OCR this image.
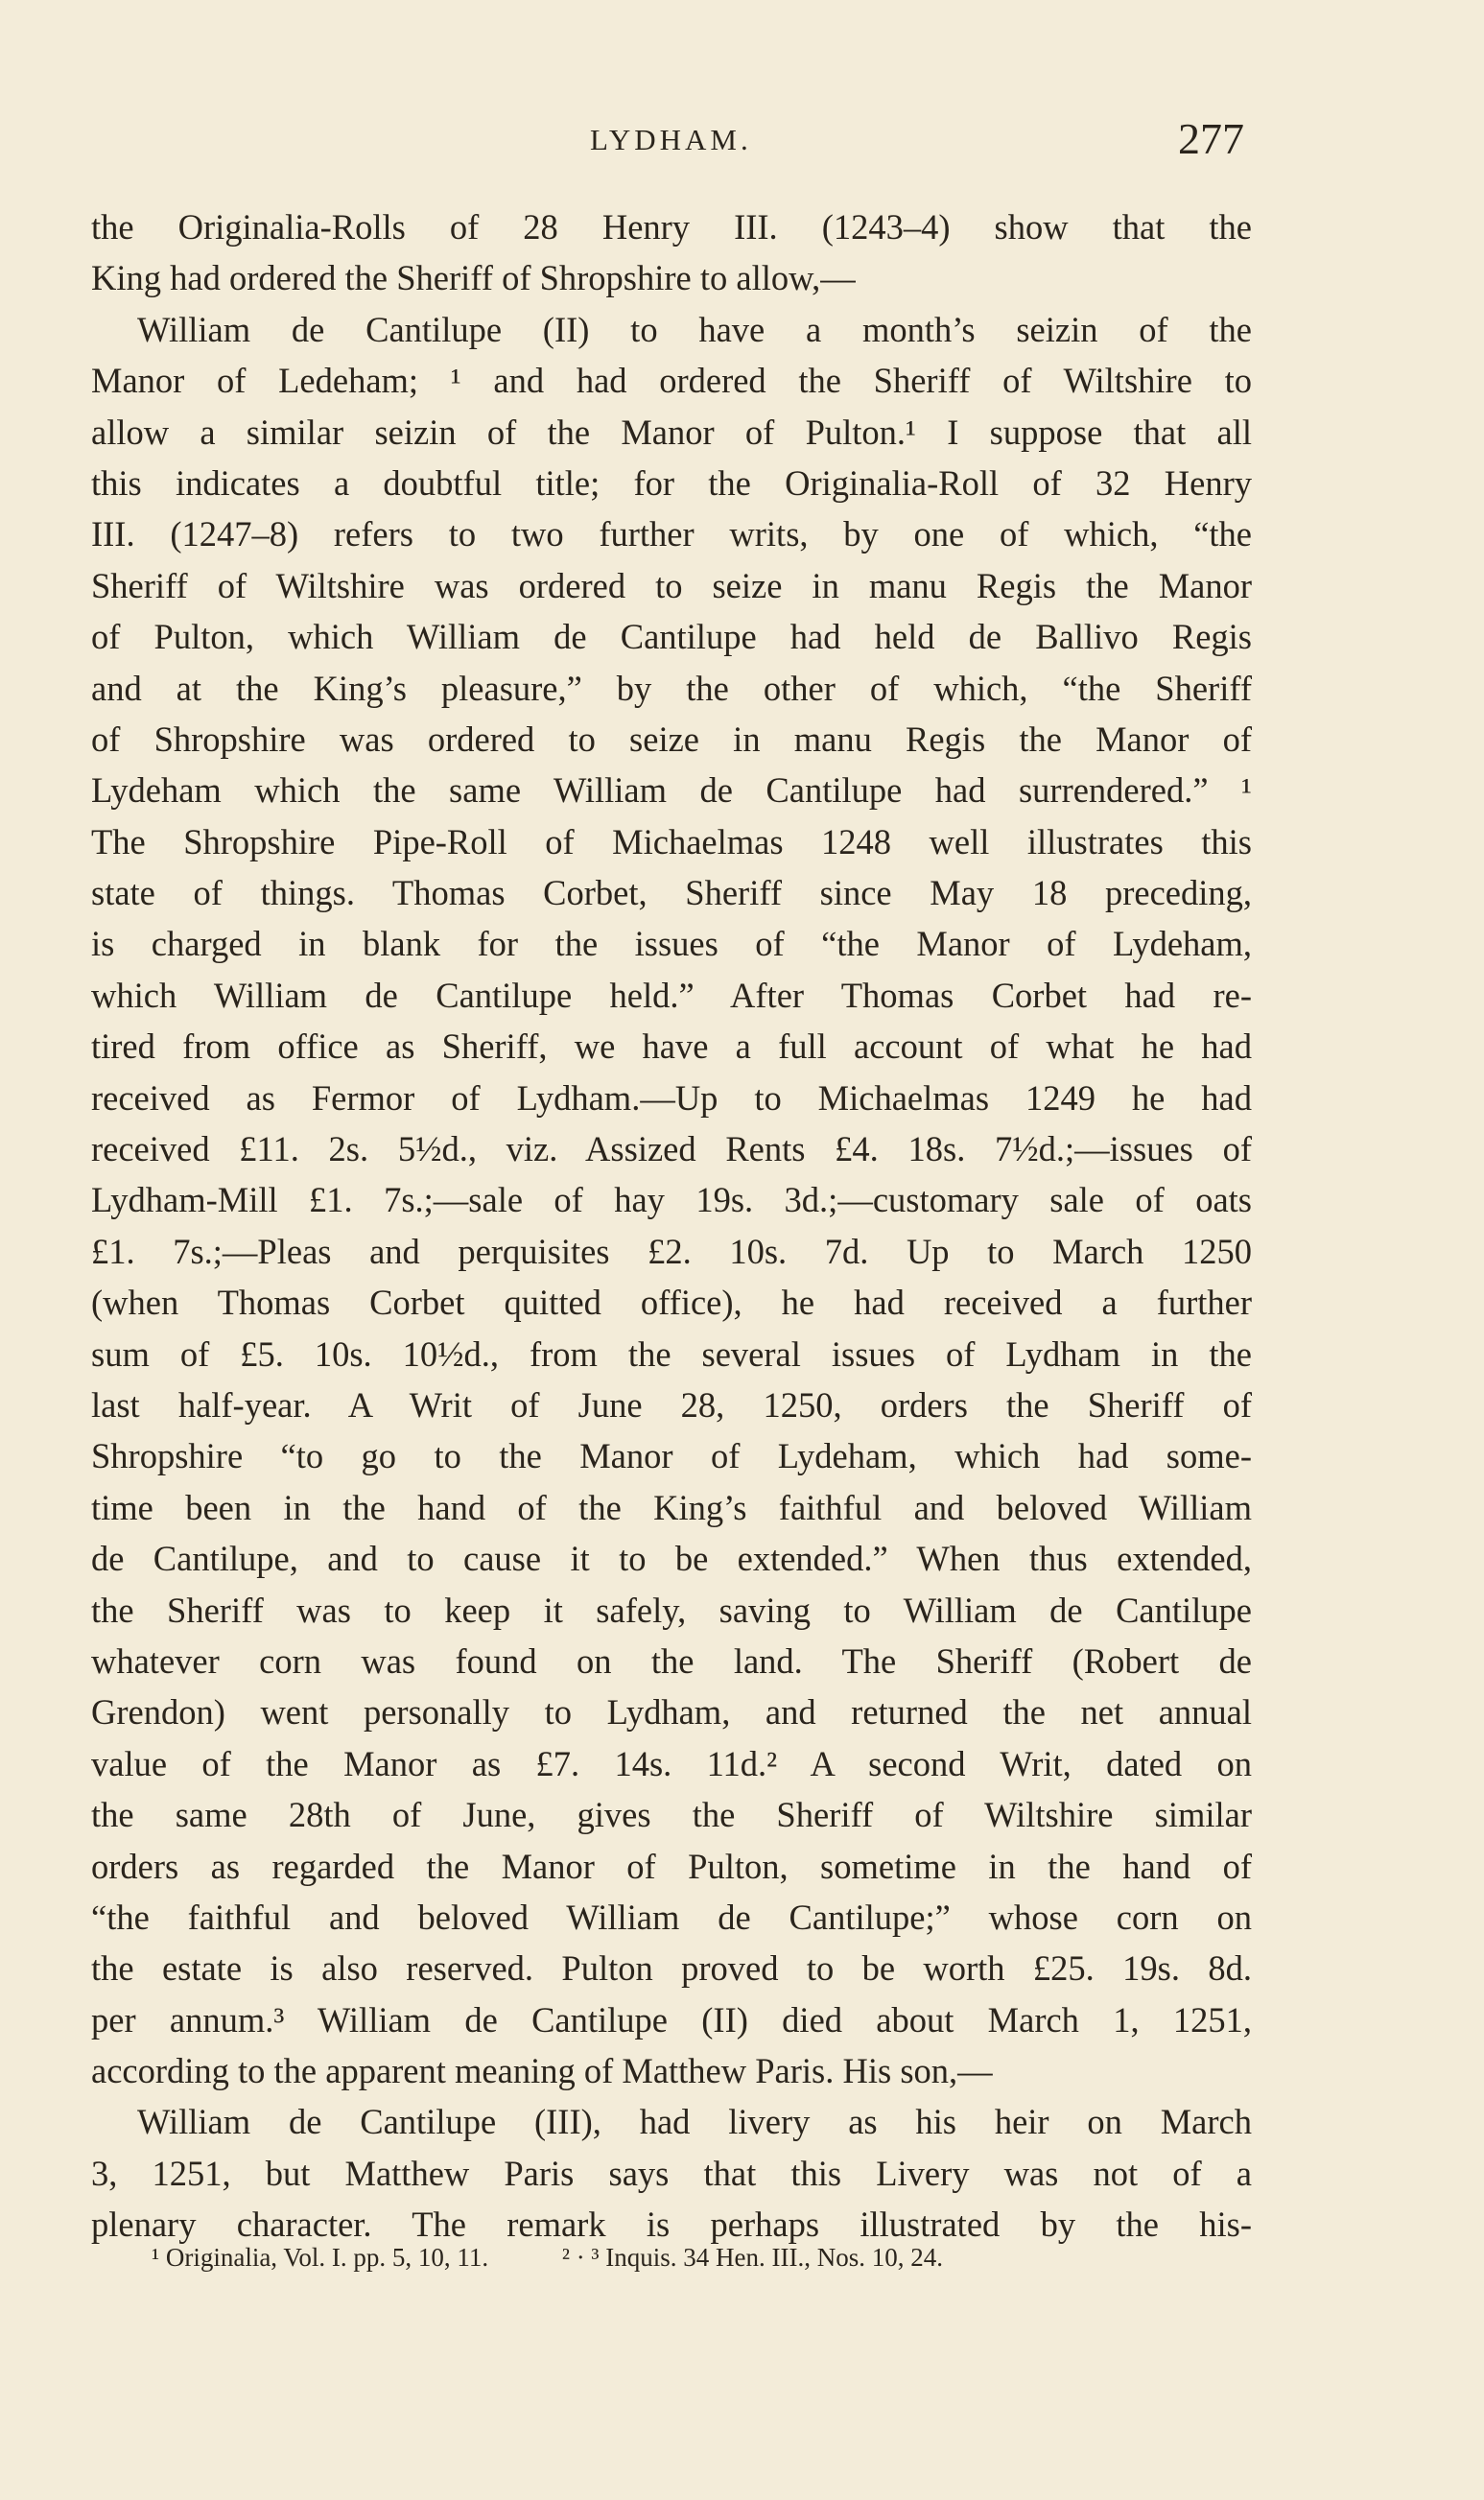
LYDHAM.	277
the Originalia-Rolls of 28 Henry III. (1243–4) show that the
King had ordered the Sheriff of Shropshire to allow,—
William de Cantilupe (II) to have a month’s seizin of the
Manor of Ledeham; ¹ and had ordered the Sheriff of Wiltshire to
allow a similar seizin of the Manor of Pulton.¹ I suppose that all
this indicates a doubtful title; for the Originalia-Roll of 32 Henry
III. (1247–8) refers to two further writs, by one of which, “the
Sheriff of Wiltshire was ordered to seize in manu Regis the Manor
of Pulton, which William de Cantilupe had held de Ballivo Regis
and at the King’s pleasure,” by the other of which, “the Sheriff
of Shropshire was ordered to seize in manu Regis the Manor of
Lydeham which the same William de Cantilupe had surrendered.” ¹
The Shropshire Pipe-Roll of Michaelmas 1248 well illustrates this
state of things. Thomas Corbet, Sheriff since May 18 preceding,
is charged in blank for the issues of “the Manor of Lydeham,
which William de Cantilupe held.” After Thomas Corbet had re-
tired from office as Sheriff, we have a full account of what he had
received as Fermor of Lydham.—Up to Michaelmas 1249 he had
received £11. 2s. 5½d., viz. Assized Rents £4. 18s. 7½d.;—issues of
Lydham-Mill £1. 7s.;—sale of hay 19s. 3d.;—customary sale of oats
£1. 7s.;—Pleas and perquisites £2. 10s. 7d. Up to March 1250
(when Thomas Corbet quitted office), he had received a further
sum of £5. 10s. 10½d., from the several issues of Lydham in the
last half-year. A Writ of June 28, 1250, orders the Sheriff of
Shropshire “to go to the Manor of Lydeham, which had some-
time been in the hand of the King’s faithful and beloved William
de Cantilupe, and to cause it to be extended.” When thus extended,
the Sheriff was to keep it safely, saving to William de Cantilupe
whatever corn was found on the land. The Sheriff (Robert de
Grendon) went personally to Lydham, and returned the net annual
value of the Manor as £7. 14s. 11d.² A second Writ, dated on
the same 28th of June, gives the Sheriff of Wiltshire similar
orders as regarded the Manor of Pulton, sometime in the hand of
“the faithful and beloved William de Cantilupe;” whose corn on
the estate is also reserved. Pulton proved to be worth £25. 19s. 8d.
per annum.³ William de Cantilupe (II) died about March 1, 1251,
according to the apparent meaning of Matthew Paris. His son,—
William de Cantilupe (III), had livery as his heir on March
3, 1251, but Matthew Paris says that this Livery was not of a
plenary character. The remark is perhaps illustrated by the his-
¹ Originalia, Vol. I. pp. 5, 10, 11.	² · ³ Inquis. 34 Hen. III., Nos. 10, 24.
